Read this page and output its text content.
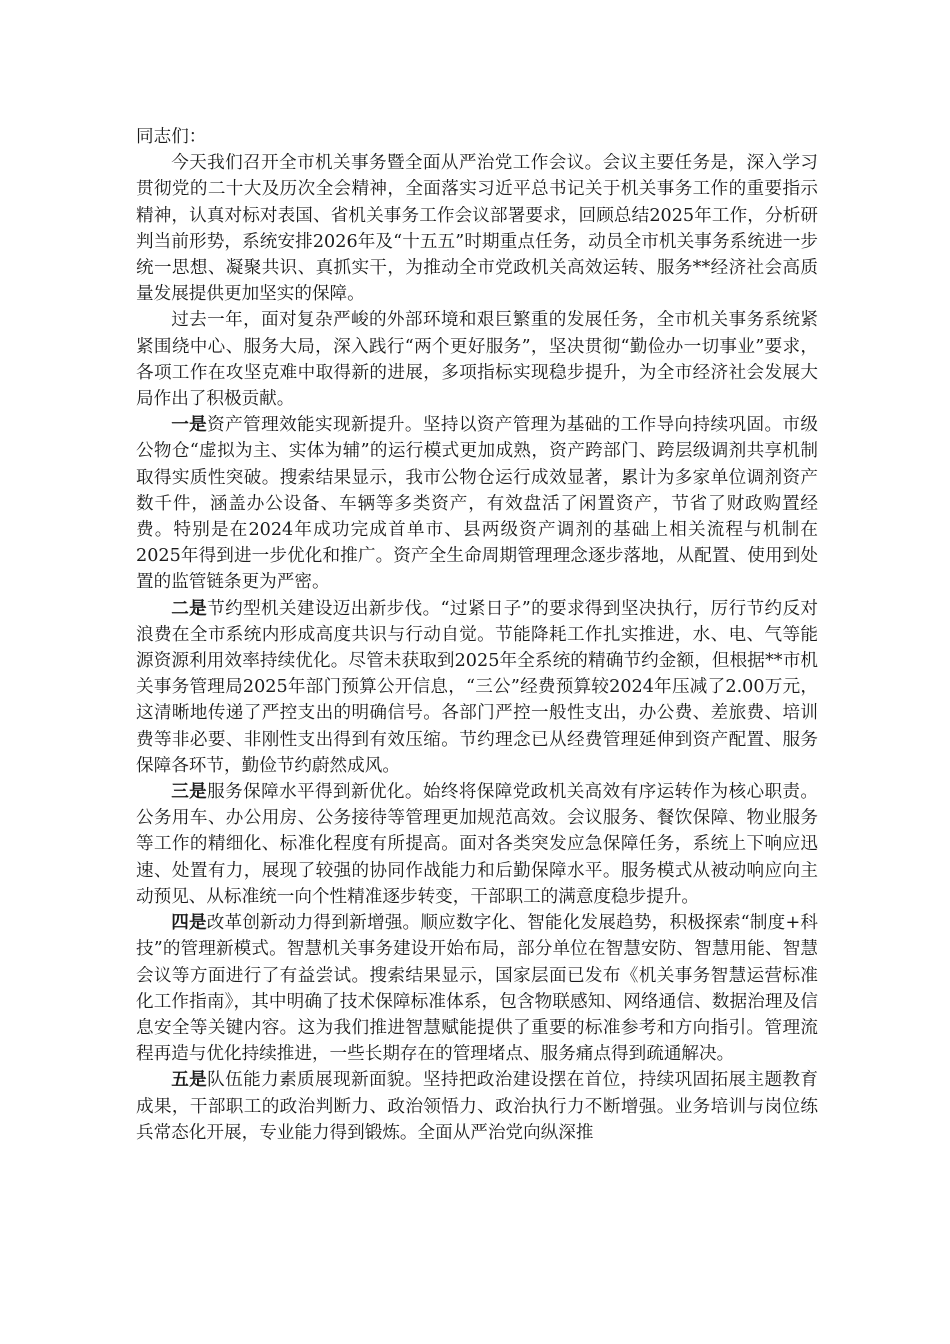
同志们：

今天我们召开全市机关事务暨全面从严治党工作会议。会议主要任务是，深入学习贯彻党的二十大及历次全会精神，全面落实习近平总书记关于机关事务工作的重要指示精神，认真对标对表国、省机关事务工作会议部署要求，回顾总结2025年工作，分析研判当前形势，系统安排2026年及“十五五”时期重点任务，动员全市机关事务系统进一步统一思想、凝聚共识、真抓实干，为推动全市党政机关高效运转、服务**经济社会高质量发展提供更加坚实的保障。

过去一年，面对复杂严峻的外部环境和艰巨繁重的发展任务，全市机关事务系统紧紧围绕中心、服务大局，深入践行“两个更好服务”，坚决贯彻“勤俭办一切事业”要求，各项工作在攻坚克难中取得新的进展，多项指标实现稳步提升，为全市经济社会发展大局作出了积极贡献。

一是资产管理效能实现新提升。坚持以资产管理为基础的工作导向持续巩固。市级公物仓“虚拟为主、实体为辅”的运行模式更加成熟，资产跨部门、跨层级调剂共享机制取得实质性突破。搜索结果显示，我市公物仓运行成效显著，累计为多家单位调剂资产数千件，涵盖办公设备、车辆等多类资产，有效盘活了闲置资产，节省了财政购置经费。特别是在2024年成功完成首单市、县两级资产调剂的基础上相关流程与机制在2025年得到进一步优化和推广。资产全生命周期管理理念逐步落地，从配置、使用到处置的监管链条更为严密。

二是节约型机关建设迈出新步伐。“过紧日子”的要求得到坚决执行，厉行节约反对浪费在全市系统内形成高度共识与行动自觉。节能降耗工作扎实推进，水、电、气等能源资源利用效率持续优化。尽管未获取到2025年全系统的精确节约金额，但根据**市机关事务管理局2025年部门预算公开信息，“三公”经费预算较2024年压减了2.00万元，这清晰地传递了严控支出的明确信号。各部门严控一般性支出，办公费、差旅费、培训费等非必要、非刚性支出得到有效压缩。节约理念已从经费管理延伸到资产配置、服务保障各环节，勤俭节约蔚然成风。

三是服务保障水平得到新优化。始终将保障党政机关高效有序运转作为核心职责。公务用车、办公用房、公务接待等管理更加规范高效。会议服务、餐饮保障、物业服务等工作的精细化、标准化程度有所提高。面对各类突发应急保障任务，系统上下响应迅速、处置有力，展现了较强的协同作战能力和后勤保障水平。服务模式从被动响应向主动预见、从标准统一向个性精准逐步转变，干部职工的满意度稳步提升。

四是改革创新动力得到新增强。顺应数字化、智能化发展趋势，积极探索“制度+科技”的管理新模式。智慧机关事务建设开始布局，部分单位在智慧安防、智慧用能、智慧会议等方面进行了有益尝试。搜索结果显示，国家层面已发布《机关事务智慧运营标准化工作指南》，其中明确了技术保障标准体系，包含物联感知、网络通信、数据治理及信息安全等关键内容。这为我们推进智慧赋能提供了重要的标准参考和方向指引。管理流程再造与优化持续推进，一些长期存在的管理堵点、服务痛点得到疏通解决。

五是队伍能力素质展现新面貌。坚持把政治建设摆在首位，持续巩固拓展主题教育成果，干部职工的政治判断力、政治领悟力、政治执行力不断增强。业务培训与岗位练兵常态化开展，专业能力得到锻炼。全面从严治党向纵深推
